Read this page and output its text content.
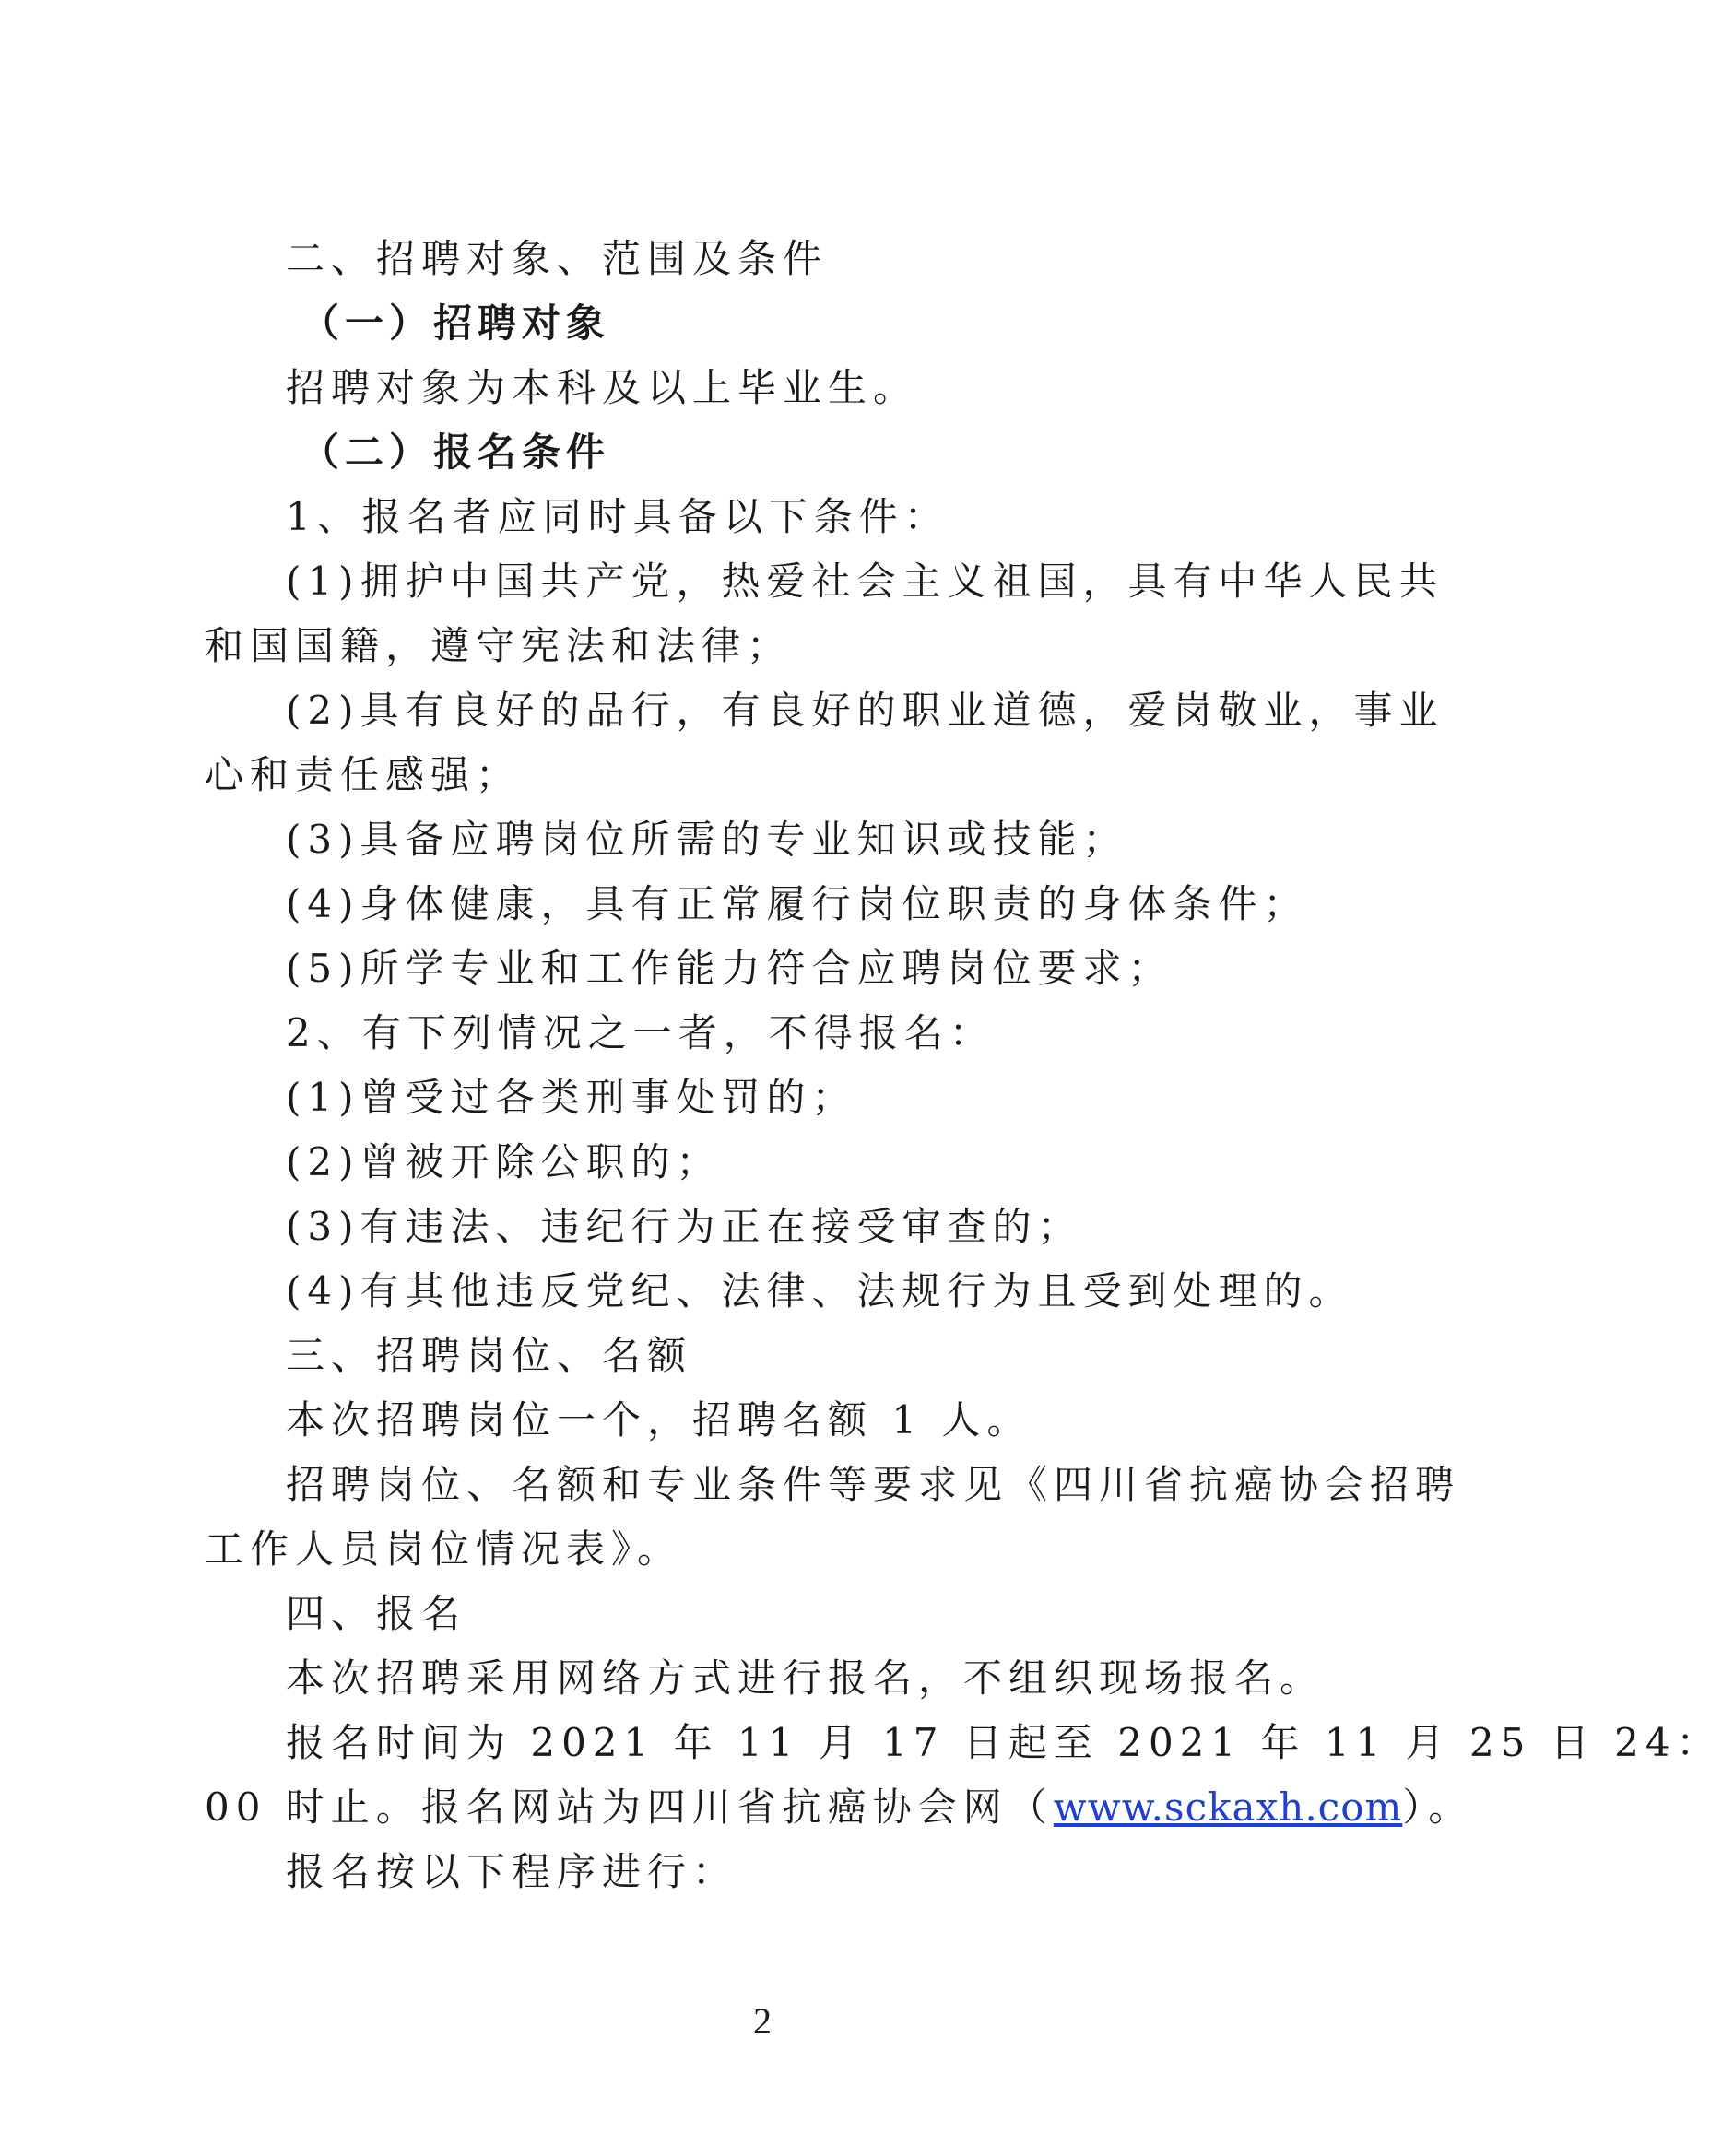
二、招聘对象、范围及条件
（一）招聘对象
招聘对象为本科及以上毕业生。
（二）报名条件
1、报名者应同时具备以下条件：
(1)拥护中国共产党，热爱社会主义祖国，具有中华人民共
和国国籍，遵守宪法和法律；
(2)具有良好的品行，有良好的职业道德，爱岗敬业，事业
心和责任感强；
(3)具备应聘岗位所需的专业知识或技能；
(4)身体健康，具有正常履行岗位职责的身体条件；
(5)所学专业和工作能力符合应聘岗位要求；
2、有下列情况之一者，不得报名：
(1)曾受过各类刑事处罚的；
(2)曾被开除公职的；
(3)有违法、违纪行为正在接受审查的；
(4)有其他违反党纪、法律、法规行为且受到处理的。
三、招聘岗位、名额
本次招聘岗位一个，招聘名额 1 人。
招聘岗位、名额和专业条件等要求见《四川省抗癌协会招聘
工作人员岗位情况表》。
四、报名
本次招聘采用网络方式进行报名，不组织现场报名。
报名时间为 2021 年 11 月 17 日起至 2021 年 11 月 25 日 24：
00 时止。报名网站为四川省抗癌协会网（www.sckaxh.com）。
报名按以下程序进行：
2
